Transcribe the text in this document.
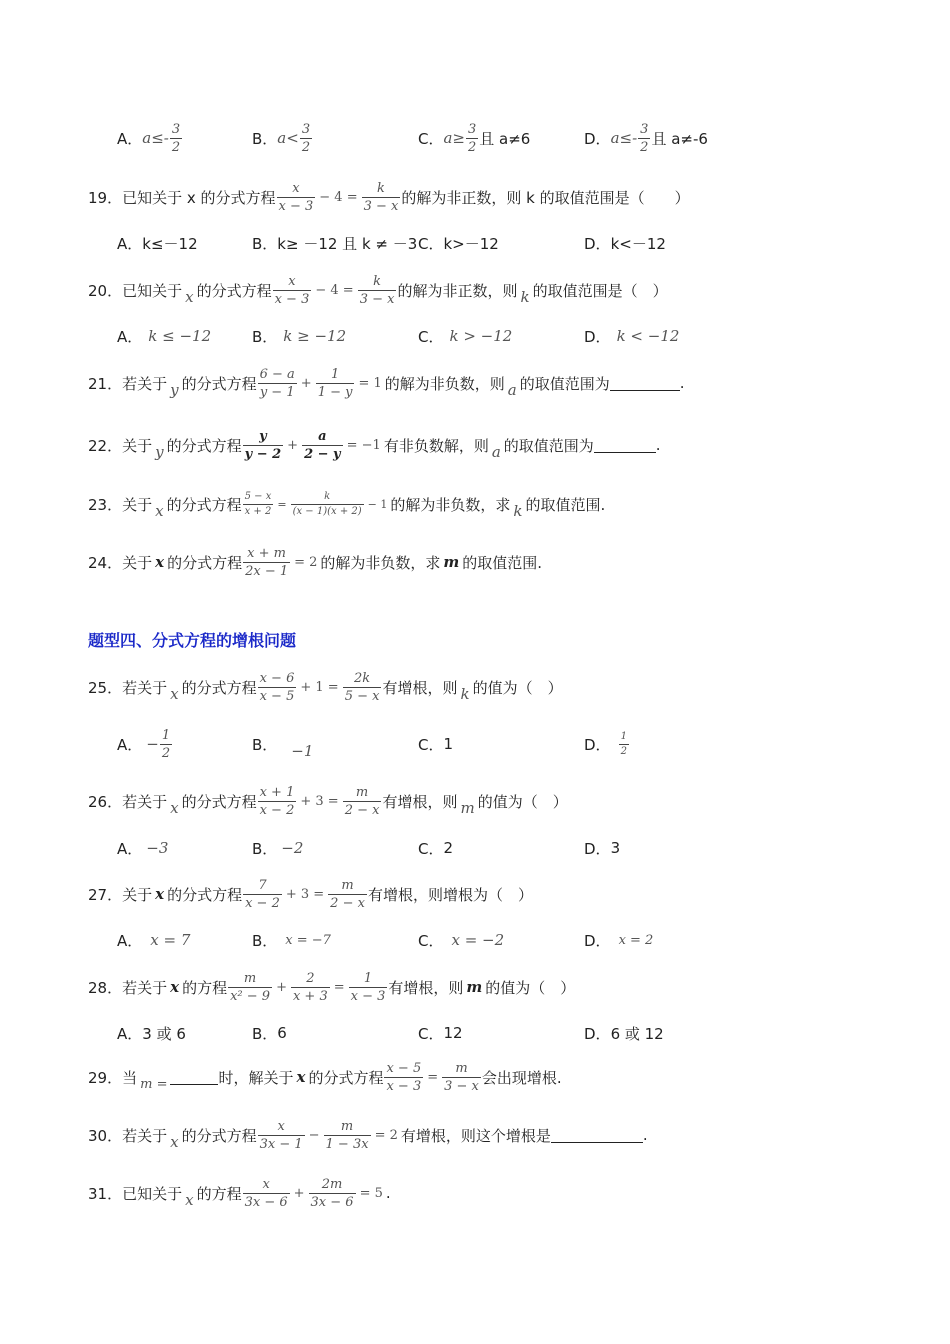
A． $a\le- \frac{3}{2}$	B． $a< \frac{3}{2}$	C． $a\ge \frac{3}{2}$ 且 a≠6	D． $a\le- \frac{3}{2}$ 且 a≠-6
19． 已知关于 x 的分式方程 $\frac{x}{x - 3} - 4 = \frac{k}{3 - x}$ 的解为非正数，则 k 的取值范围是（　　）
A． k≤－12	B． k≥ －12 且 k ≠ －3 C． k>－12	D． k<－12
20． 已知关于 x 的分式方程 $\frac{x}{x - 3} - 4 = \frac{k}{3 - x}$ 的解为非正数，则 k 的取值范围是（　）
A． k ≤ −12	B． k ≥ −12	C． k > −12	D． k < −12
21． 若关于 y 的分式方程 $\frac{6 - a}{y - 1} + \frac{1}{1 - y} = 1$ 的解为非负数，则 a 的取值范围为	.
22． 关于 y 的分式方程 $\frac{y}{y - 2} + \frac{a}{2 - y} = -1$ 有非负数解，则 a 的取值范围为	.
23． 关于 x 的分式方程 $\frac{5 - x}{x + 2} = \frac{k}{(x - 1)(x + 2)} - 1$ 的解为非负数，求 k 的取值范围.
24． 关于 x 的分式方程 $\frac{x + m}{2x - 1} = 2$ 的解为非负数，求 m 的取值范围.
题型四、分式方程的增根问题
25． 若关于 x 的分式方程 $\frac{x - 6}{x - 5} + 1 = \frac{2k}{5 - x}$ 有增根，则 k 的值为（　）
A． − $\frac{1}{2}$	B． −1	C． 1	D． $\frac{1}{2}$
26． 若关于 x 的分式方程 $\frac{x + 1}{x - 2} + 3 = \frac{m}{2 - x}$ 有增根，则 m 的值为（　）
A． −3	B． −2	C． 2	D． 3
27． 关于 x 的分式方程 $\frac{7}{x - 2} + 3 = \frac{m}{2 - x}$ 有增根，则增根为（　）
A． x = 7	B． x = −7	C． x = −2	D． x = 2
28． 若关于 x 的方程 $\frac{m}{\text{x² − 9}} + \frac{2}{x + 3} = \frac{1}{x - 3}$ 有增根，则 m 的值为（　）
A． 3 或 6	B． 6	C． 12	D． 6 或 12
29． 当 m =	时，解关于 x 的分式方程 $\frac{x - 5}{x - 3} = \frac{m}{3 - x}$ 会出现增根.
30． 若关于 x 的分式方程 $\frac{x}{3x - 1} - \frac{m}{1 - 3x} = 2$ 有增根，则这个增根是	.
31． 已知关于 x 的方程 $\frac{x}{3x - 6} + \frac{2m}{3x - 6} = 5$ .
